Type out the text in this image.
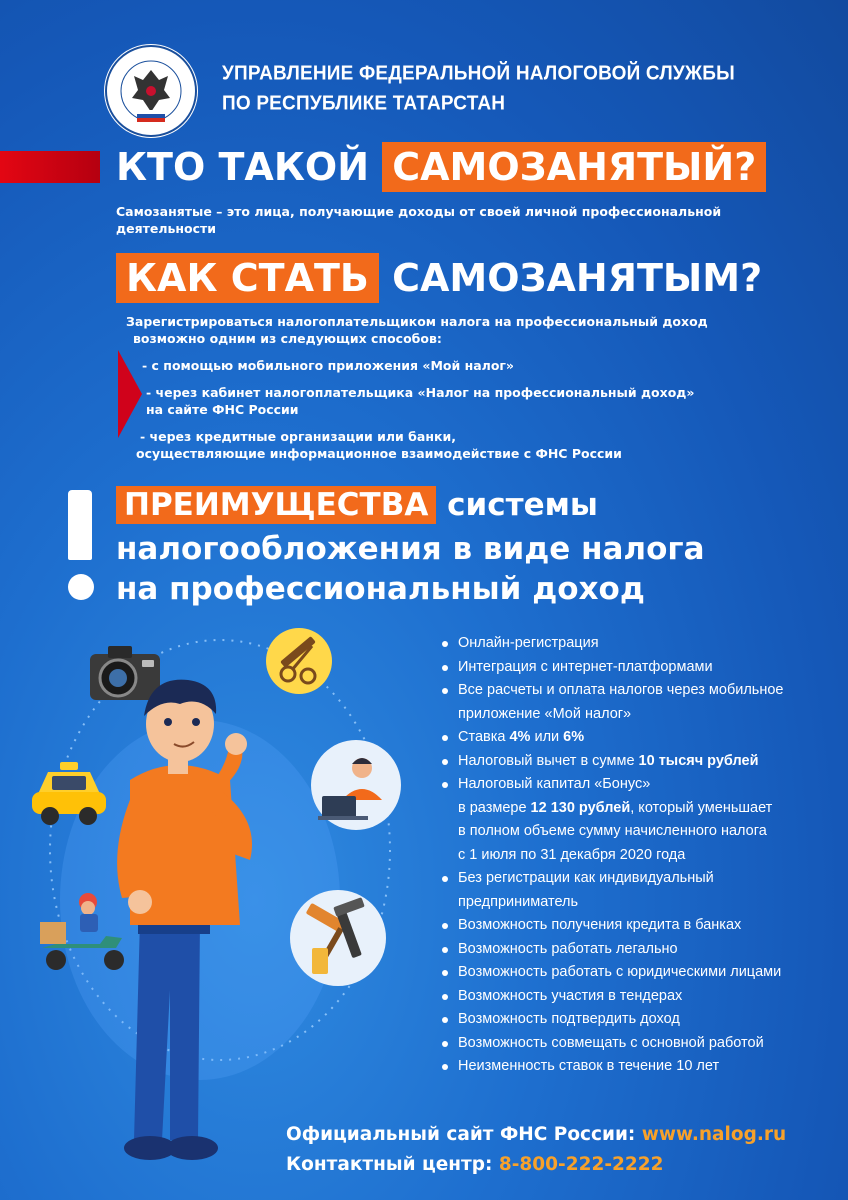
УПРАВЛЕНИЕ ФЕДЕРАЛЬНОЙ НАЛОГОВОЙ СЛУЖБЫ
ПО РЕСПУБЛИКЕ ТАТАРСТАН
КТО ТАКОЙ САМОЗАНЯТЫЙ?
Самозанятые – это лица, получающие доходы от своей личной профессиональной
деятельности
КАК СТАТЬ САМОЗАНЯТЫМ?
Зарегистрироваться налогоплательщиком налога на профессиональный доход
возможно одним из следующих способов:
- с помощью мобильного приложения «Мой налог»
- через кабинет налогоплательщика «Налог на профессиональный доход»
на сайте ФНС России
- через кредитные организации или банки,
осуществляющие информационное взаимодействие с ФНС России
ПРЕИМУЩЕСТВА системы
налогообложения в виде налога
на профессиональный доход
Онлайн-регистрация
Интеграция с интернет-платформами
Все расчеты и оплата налогов через мобильное
приложение «Мой налог»
Ставка 4% или 6%
Налоговый вычет в сумме 10 тысяч рублей
Налоговый капитал «Бонус»
в размере 12 130 рублей, который уменьшает
в полном объеме сумму начисленного налога
с 1 июля по 31 декабря 2020 года
Без регистрации как индивидуальный
предприниматель
Возможность получения кредита в банках
Возможность работать легально
Возможность работать с юридическими лицами
Возможность участия в тендерах
Возможность подтвердить доход
Возможность совмещать с основной работой
Неизменность ставок в течение 10 лет
Официальный сайт ФНС России: www.nalog.ru
Контактный центр: 8-800-222-2222
